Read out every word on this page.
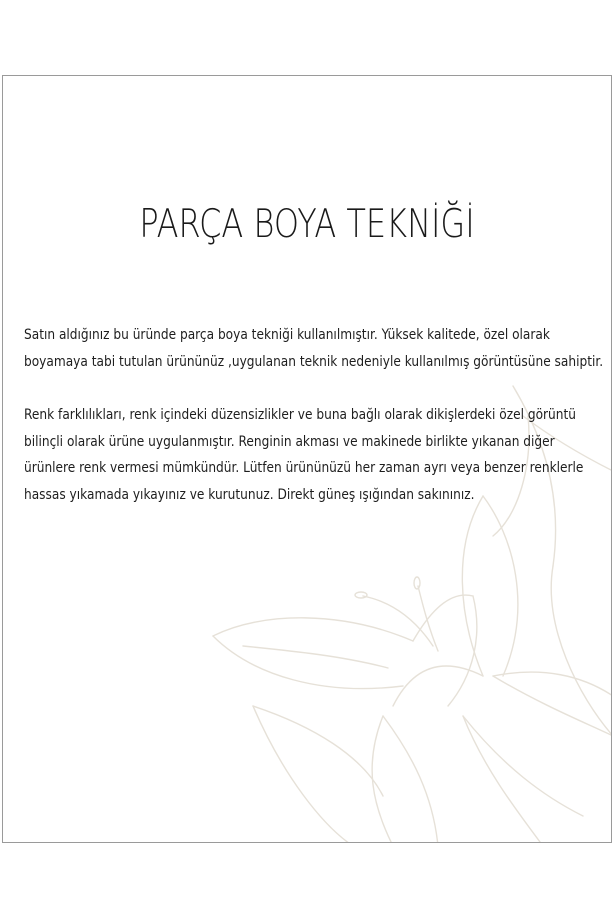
PARÇA BOYA TEKNİĞİ

Satın aldığınız bu üründe parça boya tekniği kullanılmıştır. Yüksek kalitede, özel olarak
boyamaya tabi tutulan ürününüz ,uygulanan teknik nedeniyle kullanılmış görüntüsüne sahiptir.

Renk farklılıkları, renk içindeki düzensizlikler ve buna bağlı olarak dikişlerdeki özel görüntü
bilinçli olarak ürüne uygulanmıştır. Renginin akması ve makinede birlikte yıkanan diğer
ürünlere renk vermesi mümkündür. Lütfen ürününüzü her zaman ayrı veya benzer renklerle
hassas yıkamada yıkayınız ve kurutunuz. Direkt güneş ışığından sakınınız.
